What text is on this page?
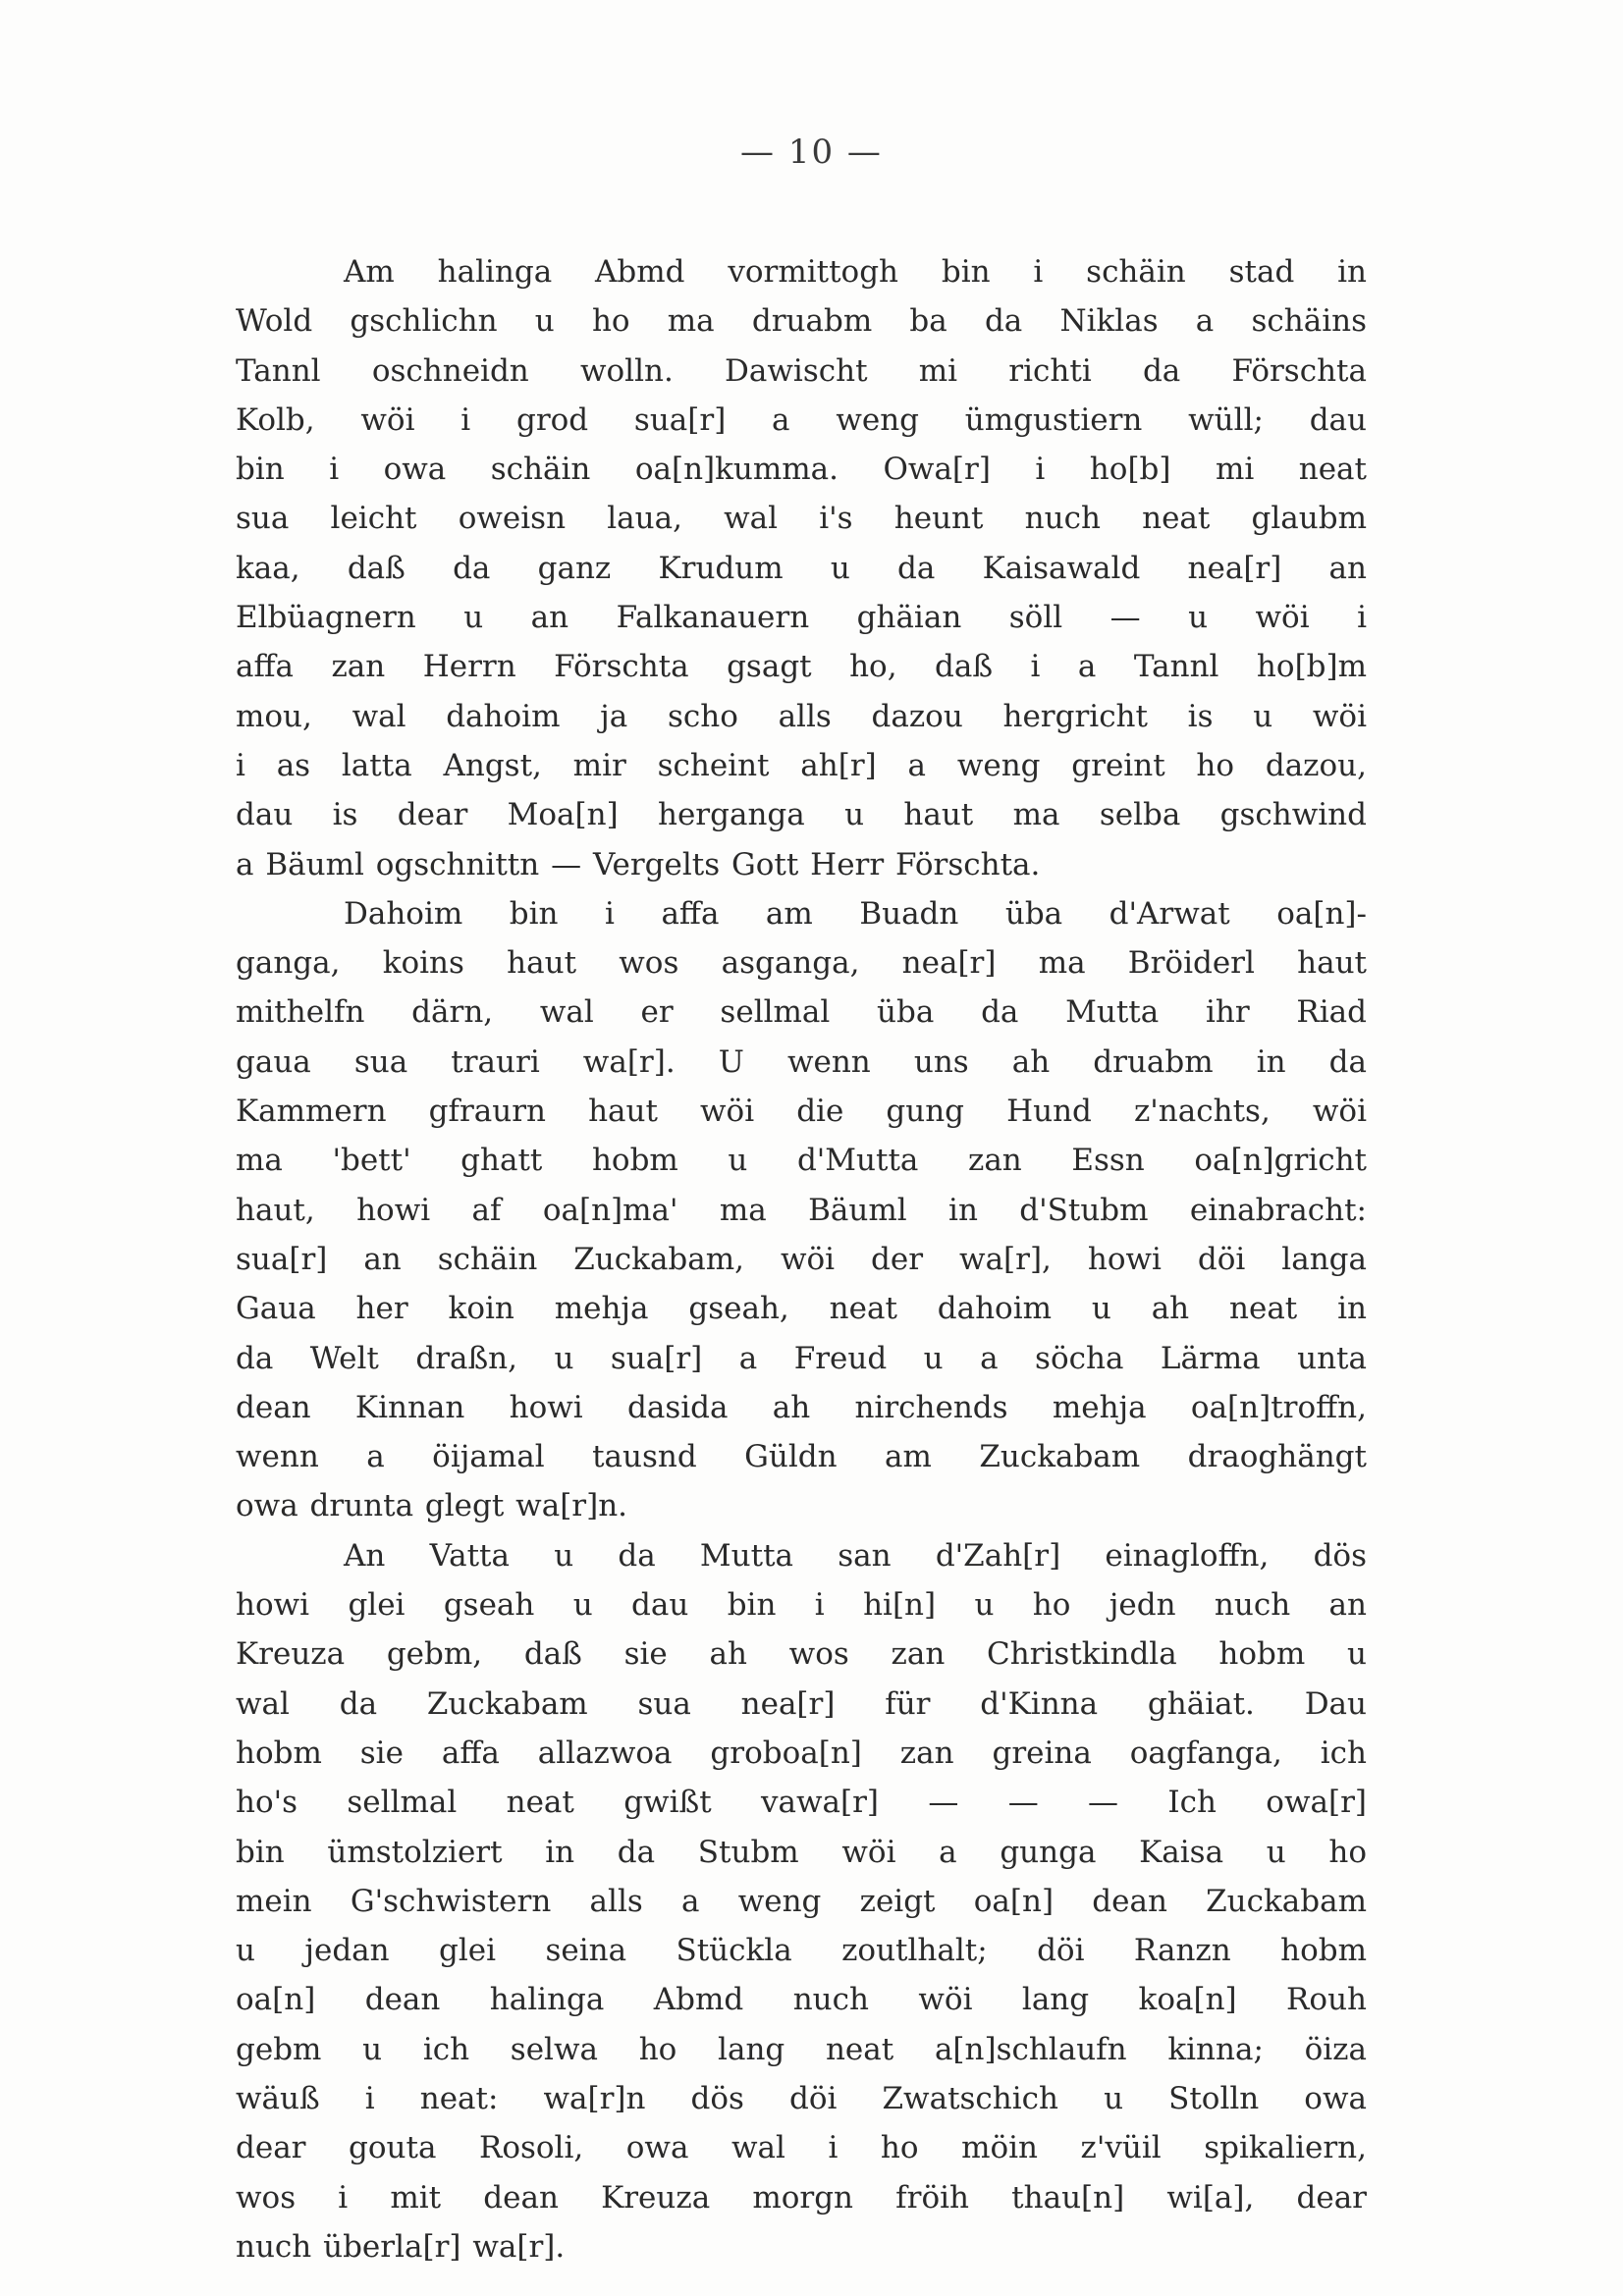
— 10 —
Am halinga Abmd vormittogh bin i schäin stad in
Wold gschlichn u ho ma druabm ba da Niklas a schäins
Tannl oschneidn wolln. Dawischt mi richti da Förschta
Kolb, wöi i grod sua[r] a weng ümgustiern wüll; dau
bin i owa schäin oa[n]kumma. Owa[r] i ho[b] mi neat
sua leicht oweisn laua, wal i's heunt nuch neat glaubm
kaa, daß da ganz Krudum u da Kaisawald nea[r] an
Elbüagnern u an Falkanauern ghäian söll — u wöi i
affa zan Herrn Förschta gsagt ho, daß i a Tannl ho[b]m
mou, wal dahoim ja scho alls dazou hergricht is u wöi
i as latta Angst, mir scheint ah[r] a weng greint ho dazou,
dau is dear Moa[n] herganga u haut ma selba gschwind
a Bäuml ogschnittn — Vergelts Gott Herr Förschta.
Dahoim bin i affa am Buadn üba d'Arwat oa[n]-
ganga, koins haut wos asganga, nea[r] ma Bröiderl haut
mithelfn därn, wal er sellmal üba da Mutta ihr Riad
gaua sua trauri wa[r]. U wenn uns ah druabm in da
Kammern gfraurn haut wöi die gung Hund z'nachts, wöi
ma 'bett' ghatt hobm u d'Mutta zan Essn oa[n]gricht
haut, howi af oa[n]ma' ma Bäuml in d'Stubm einabracht:
sua[r] an schäin Zuckabam, wöi der wa[r], howi döi langa
Gaua her koin mehja gseah, neat dahoim u ah neat in
da Welt draßn, u sua[r] a Freud u a söcha Lärma unta
dean Kinnan howi dasida ah nirchends mehja oa[n]troffn,
wenn a öijamal tausnd Güldn am Zuckabam draoghängt
owa drunta glegt wa[r]n.
An Vatta u da Mutta san d'Zah[r] einagloffn, dös
howi glei gseah u dau bin i hi[n] u ho jedn nuch an
Kreuza gebm, daß sie ah wos zan Christkindla hobm u
wal da Zuckabam sua nea[r] für d'Kinna ghäiat. Dau
hobm sie affa allazwoa groboa[n] zan greina oagfanga, ich
ho's sellmal neat gwißt vawa[r] — — — Ich owa[r]
bin ümstolziert in da Stubm wöi a gunga Kaisa u ho
mein G'schwistern alls a weng zeigt oa[n] dean Zuckabam
u jedan glei seina Stückla zoutlhalt; döi Ranzn hobm
oa[n] dean halinga Abmd nuch wöi lang koa[n] Rouh
gebm u ich selwa ho lang neat a[n]schlaufn kinna; öiza
wäuß i neat: wa[r]n dös döi Zwatschich u Stolln owa
dear gouta Rosoli, owa wal i ho möin z'vüil spikaliern,
wos i mit dean Kreuza morgn fröih thau[n] wi[a], dear
nuch überla[r] wa[r].
